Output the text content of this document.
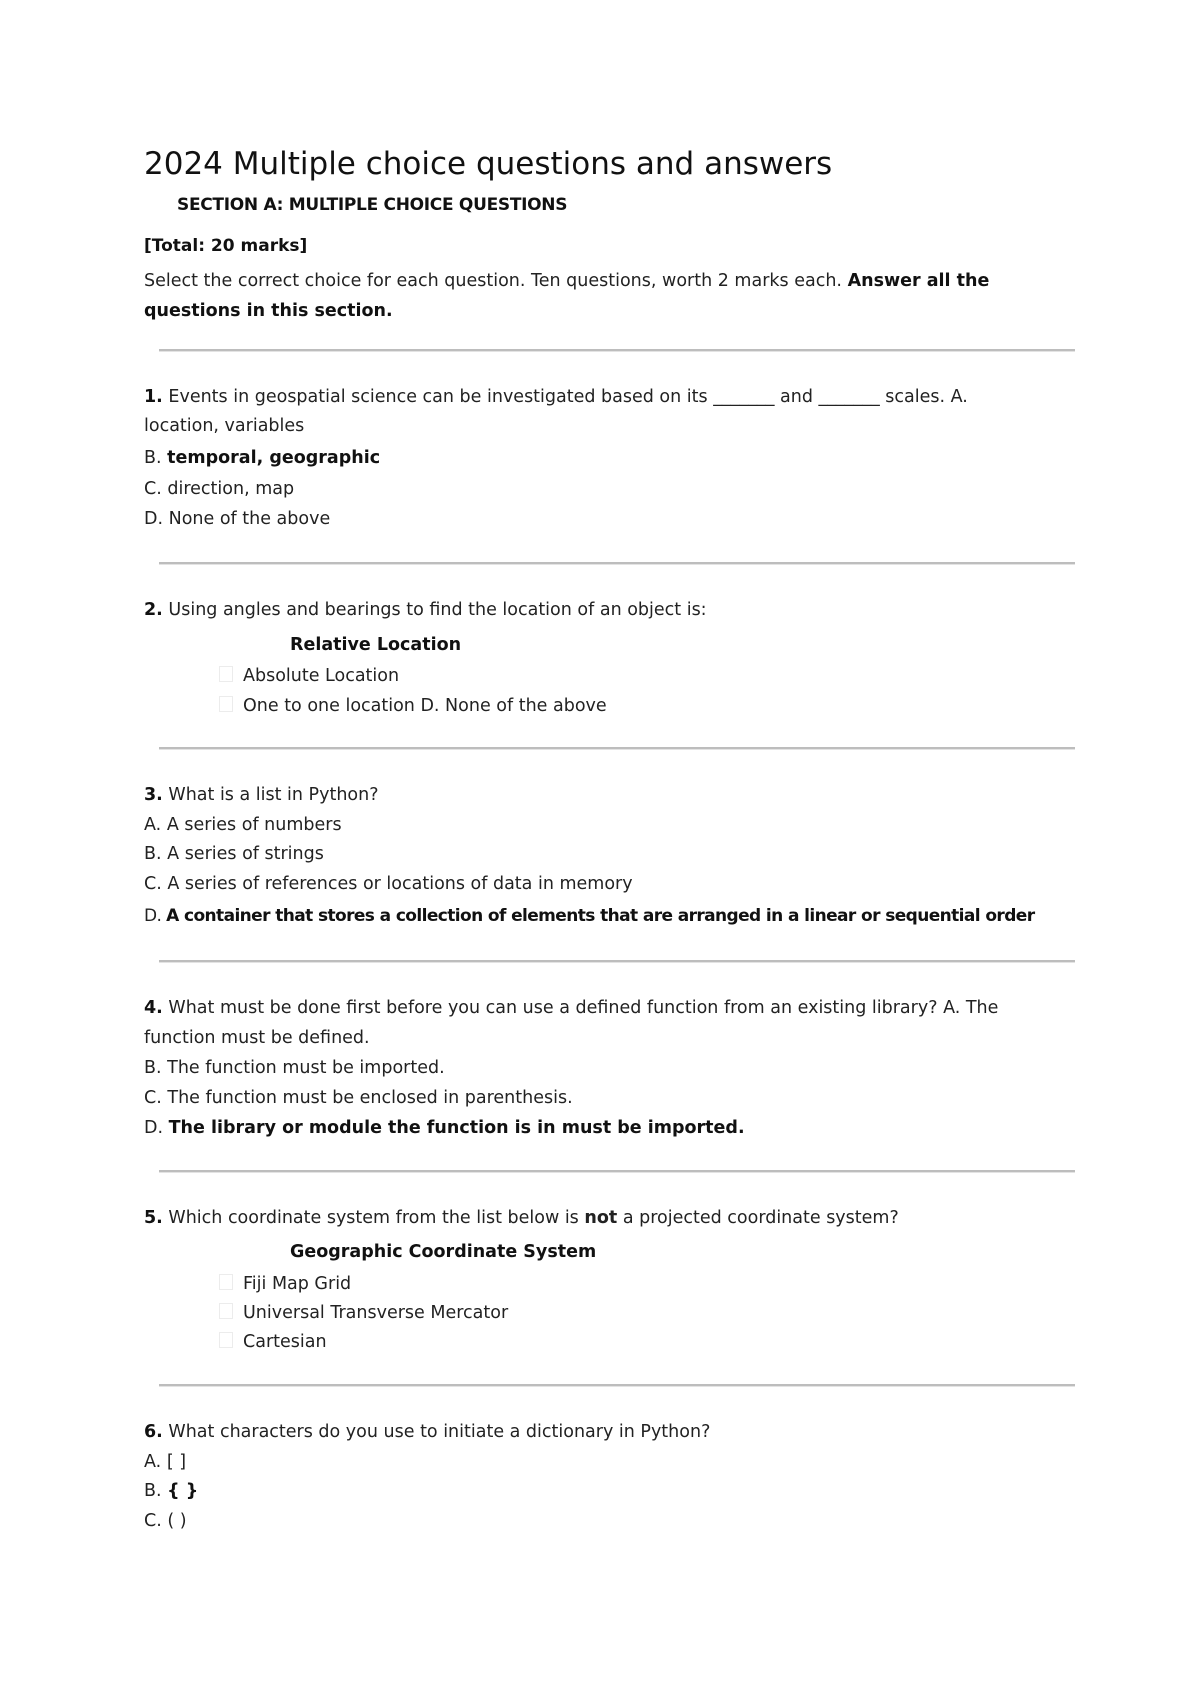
2024 Multiple choice questions and answers
SECTION A: MULTIPLE CHOICE QUESTIONS
[Total: 20 marks]
Select the correct choice for each question. Ten questions, worth 2 marks each. Answer all the questions in this section.
1. Events in geospatial science can be investigated based on its _______ and _______ scales. A.
location, variables
B. temporal, geographic
C. direction, map
D. None of the above
2. Using angles and bearings to find the location of an object is:
Relative Location
Absolute Location
One to one location D. None of the above
3. What is a list in Python?
A. A series of numbers
B. A series of strings
C. A series of references or locations of data in memory
D. A container that stores a collection of elements that are arranged in a linear or sequential order
4. What must be done first before you can use a defined function from an existing library? A. The
function must be defined.
B. The function must be imported.
C. The function must be enclosed in parenthesis.
D. The library or module the function is in must be imported.
5. Which coordinate system from the list below is not a projected coordinate system?
Geographic Coordinate System
Fiji Map Grid
Universal Transverse Mercator
Cartesian
6. What characters do you use to initiate a dictionary in Python?
A. [ ]
B. { }
C. ( )
